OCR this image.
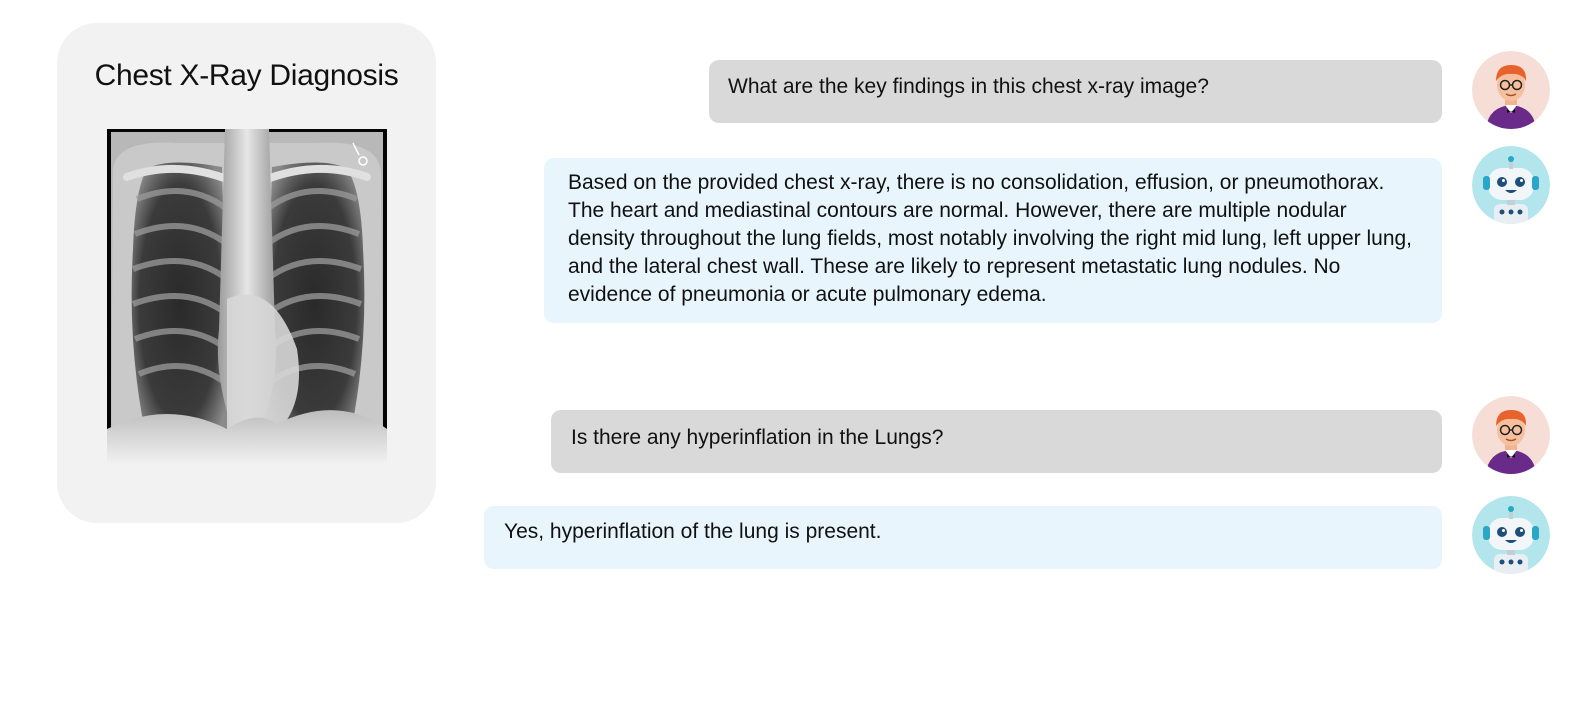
Chest X-Ray Diagnosis	What are the key findings in this chest x-ray image?
Based on the provided chest x-ray, there is no consolidation, effusion, or pneumothorax. The heart and mediastinal contours are normal. However, there are multiple nodular density throughout the lung fields, most notably involving the right mid lung, left upper lung, and the lateral chest wall. These are likely to represent metastatic lung nodules. No evidence of pneumonia or acute pulmonary edema.
Is there any hyperinflation in the Lungs?
Yes, hyperinflation of the lung is present.
